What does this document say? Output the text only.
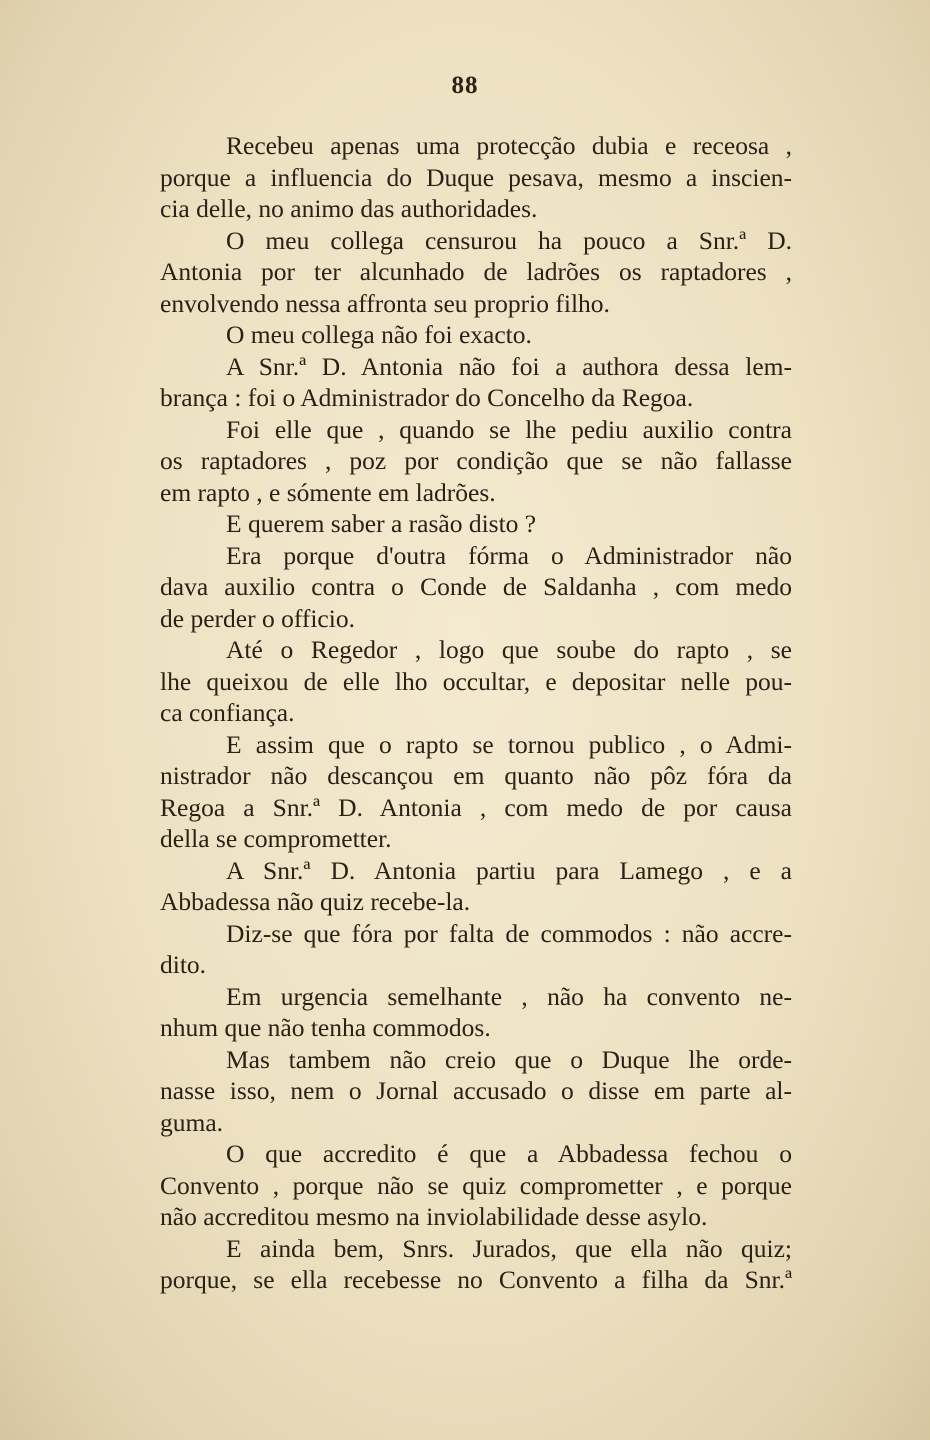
88
Recebeu apenas uma protecção dubia e receosa ,
porque a influencia do Duque pesava, mesmo a inscien-
cia delle, no animo das authoridades.
O meu collega censurou ha pouco a Snr.ª D.
Antonia por ter alcunhado de ladrões os raptadores ,
envolvendo nessa affronta seu proprio filho.
O meu collega não foi exacto.
A Snr.ª D. Antonia não foi a authora dessa lem-
brança : foi o Administrador do Concelho da Regoa.
Foi elle que , quando se lhe pediu auxilio contra
os raptadores , poz por condição que se não fallasse
em rapto , e sómente em ladrões.
E querem saber a rasão disto ?
Era porque d'outra fórma o Administrador não
dava auxilio contra o Conde de Saldanha , com medo
de perder o officio.
Até o Regedor , logo que soube do rapto , se
lhe queixou de elle lho occultar, e depositar nelle pou-
ca confiança.
E assim que o rapto se tornou publico , o Admi-
nistrador não descançou em quanto não pôz fóra da
Regoa a Snr.ª D. Antonia , com medo de por causa
della se comprometter.
A Snr.ª D. Antonia partiu para Lamego , e a
Abbadessa não quiz recebe-la.
Diz-se que fóra por falta de commodos : não accre-
dito.
Em urgencia semelhante , não ha convento ne-
nhum que não tenha commodos.
Mas tambem não creio que o Duque lhe orde-
nasse isso, nem o Jornal accusado o disse em parte al-
guma.
O que accredito é que a Abbadessa fechou o
Convento , porque não se quiz comprometter , e porque
não accreditou mesmo na inviolabilidade desse asylo.
E ainda bem, Snrs. Jurados, que ella não quiz;
porque, se ella recebesse no Convento a filha da Snr.ª
